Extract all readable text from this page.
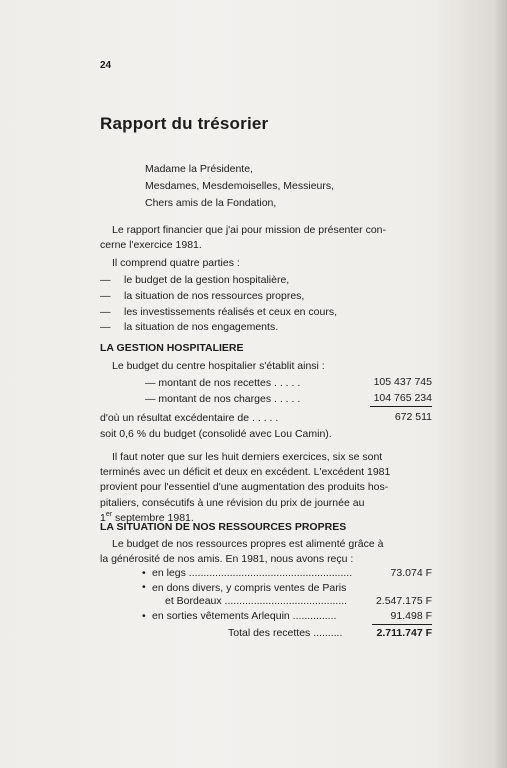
24
Rapport du trésorier
Madame la Présidente,
Mesdames, Mesdemoiselles, Messieurs,
Chers amis de la Fondation,
Le rapport financier que j'ai pour mission de présenter con-
cerne l'exercice 1981.
Il comprend quatre parties :
— le budget de la gestion hospitalière,
— la situation de nos ressources propres,
— les investissements réalisés et ceux en cours,
— la situation de nos engagements.
LA GESTION HOSPITALIERE
Le budget du centre hospitalier s'établit ainsi :
— montant de nos recettes . . . . .	105 437 745
— montant de nos charges . . . . .	104 765 234
d'où un résultat excédentaire de . . . . .	672 511
soit 0,6 % du budget (consolidé avec Lou Camin).
Il faut noter que sur les huit derniers exercices, six se sont
terminés avec un déficit et deux en excédent. L'excédent 1981
provient pour l'essentiel d'une augmentation des produits hos-
pitaliers, consécutifs à une révision du prix de journée au
1er septembre 1981.
LA SITUATION DE NOS RESSOURCES PROPRES
Le budget de nos ressources propres est alimenté grâce à
la générosité de nos amis. En 1981, nous avons reçu :
• en legs ........................................................	73.074 F
• en dons divers, y compris ventes de Paris
et Bordeaux ..........................................	2.547.175 F
• en sorties vêtements Arlequin ...............	91.498 F
Total des recettes ..........	2.711.747 F
